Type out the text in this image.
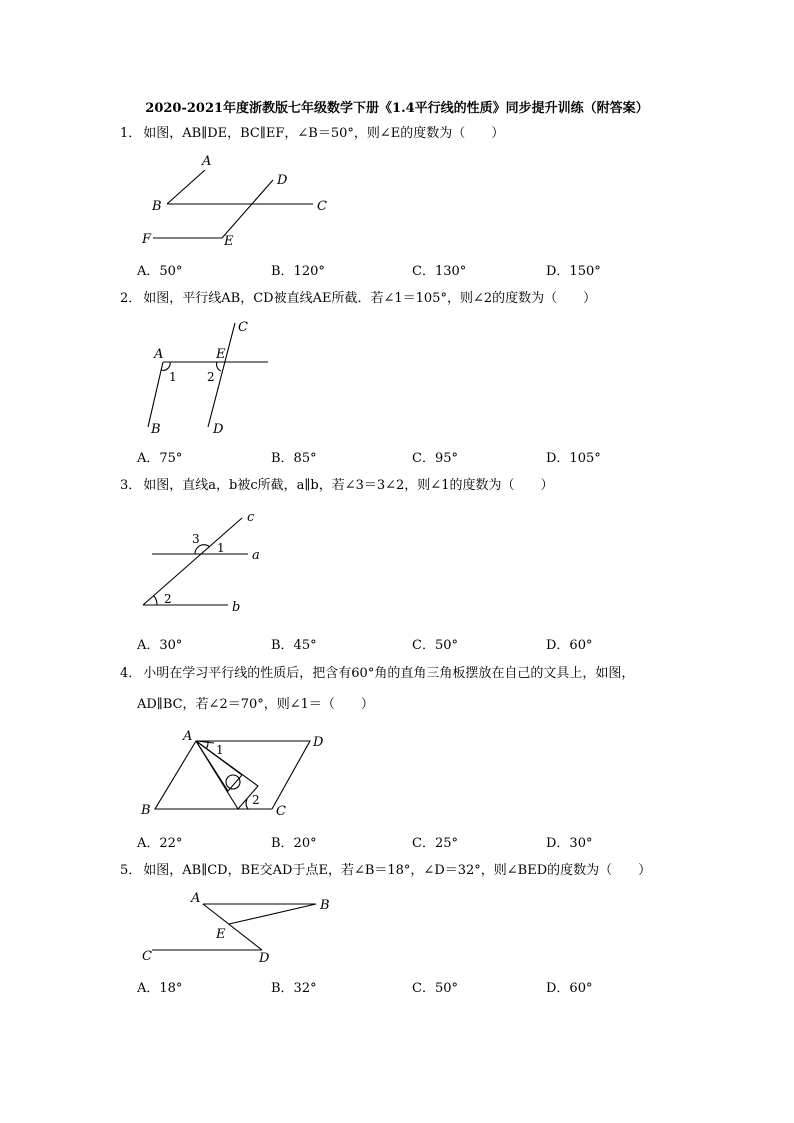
2020-2021年度浙教版七年级数学下册《1.4平行线的性质》同步提升训练（附答案）
1． 如图，AB∥DE，BC∥EF，∠B＝50°，则∠E的度数为（　　）
A
B	C
D
E
F
A．50°	B．120°	C．130°	D．150°
2． 如图，平行线AB，CD被直线AE所截．若∠1＝105°，则∠2的度数为（　　）
A	E
C
B	D
1	2
A．75°	B．85°	C．95°	D．105°
3． 如图，直线a，b被c所截，a∥b，若∠3＝3∠2，则∠1的度数为（　　）
c
a
b
3
1
2
A．30°	B．45°	C．50°	D．60°
4． 小明在学习平行线的性质后，把含有60°角的直角三角板摆放在自己的文具上，如图，
AD∥BC，若∠2＝70°，则∠1＝（　　）
A	D
B	C
1
2
A．22°	B．20°	C．25°	D．30°
5． 如图，AB∥CD，BE交AD于点E，若∠B＝18°，∠D＝32°，则∠BED的度数为（　　）
A	B
E
C	D
A．18°	B．32°	C．50°	D．60°
